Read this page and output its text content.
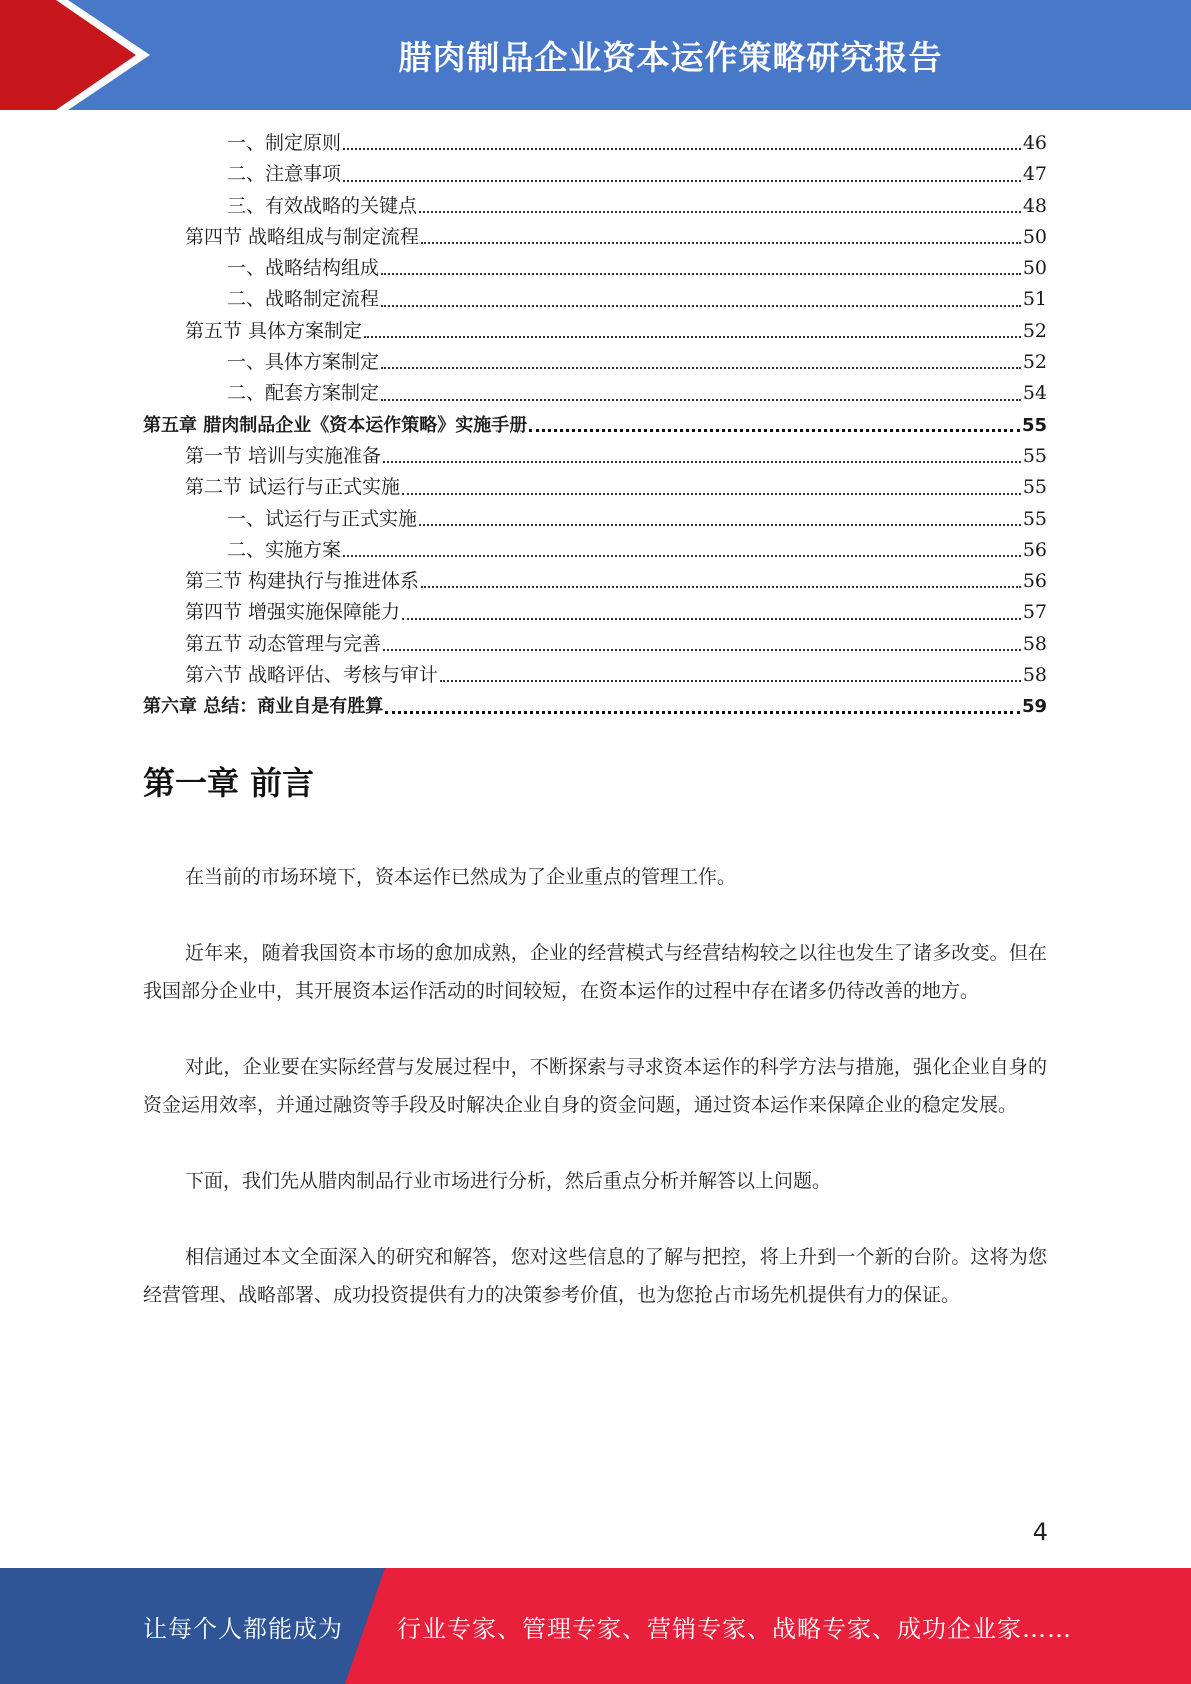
腊肉制品企业资本运作策略研究报告
一、制定原则	46
二、注意事项	47
三、有效战略的关键点	48
第四节 战略组成与制定流程	50
一、战略结构组成	50
二、战略制定流程	51
第五节 具体方案制定	52
一、具体方案制定	52
二、配套方案制定	54
第五章 腊肉制品企业《资本运作策略》实施手册	55
第一节 培训与实施准备	55
第二节 试运行与正式实施	55
一、试运行与正式实施	55
二、实施方案	56
第三节 构建执行与推进体系	56
第四节 增强实施保障能力	57
第五节 动态管理与完善	58
第六节 战略评估、考核与审计	58
第六章 总结：商业自是有胜算	59
第一章 前言

在当前的市场环境下，资本运作已然成为了企业重点的管理工作。

近年来，随着我国资本市场的愈加成熟，企业的经营模式与经营结构较之以往也发生了诸多改变。但在我国部分企业中，其开展资本运作活动的时间较短，在资本运作的过程中存在诸多仍待改善的地方。

对此，企业要在实际经营与发展过程中，不断探索与寻求资本运作的科学方法与措施，强化企业自身的资金运用效率，并通过融资等手段及时解决企业自身的资金问题，通过资本运作来保障企业的稳定发展。

下面，我们先从腊肉制品行业市场进行分析，然后重点分析并解答以上问题。

相信通过本文全面深入的研究和解答，您对这些信息的了解与把控，将上升到一个新的台阶。这将为您经营管理、战略部署、成功投资提供有力的决策参考价值，也为您抢占市场先机提供有力的保证。

4
让每个人都能成为 行业专家、管理专家、营销专家、战略专家、成功企业家……
